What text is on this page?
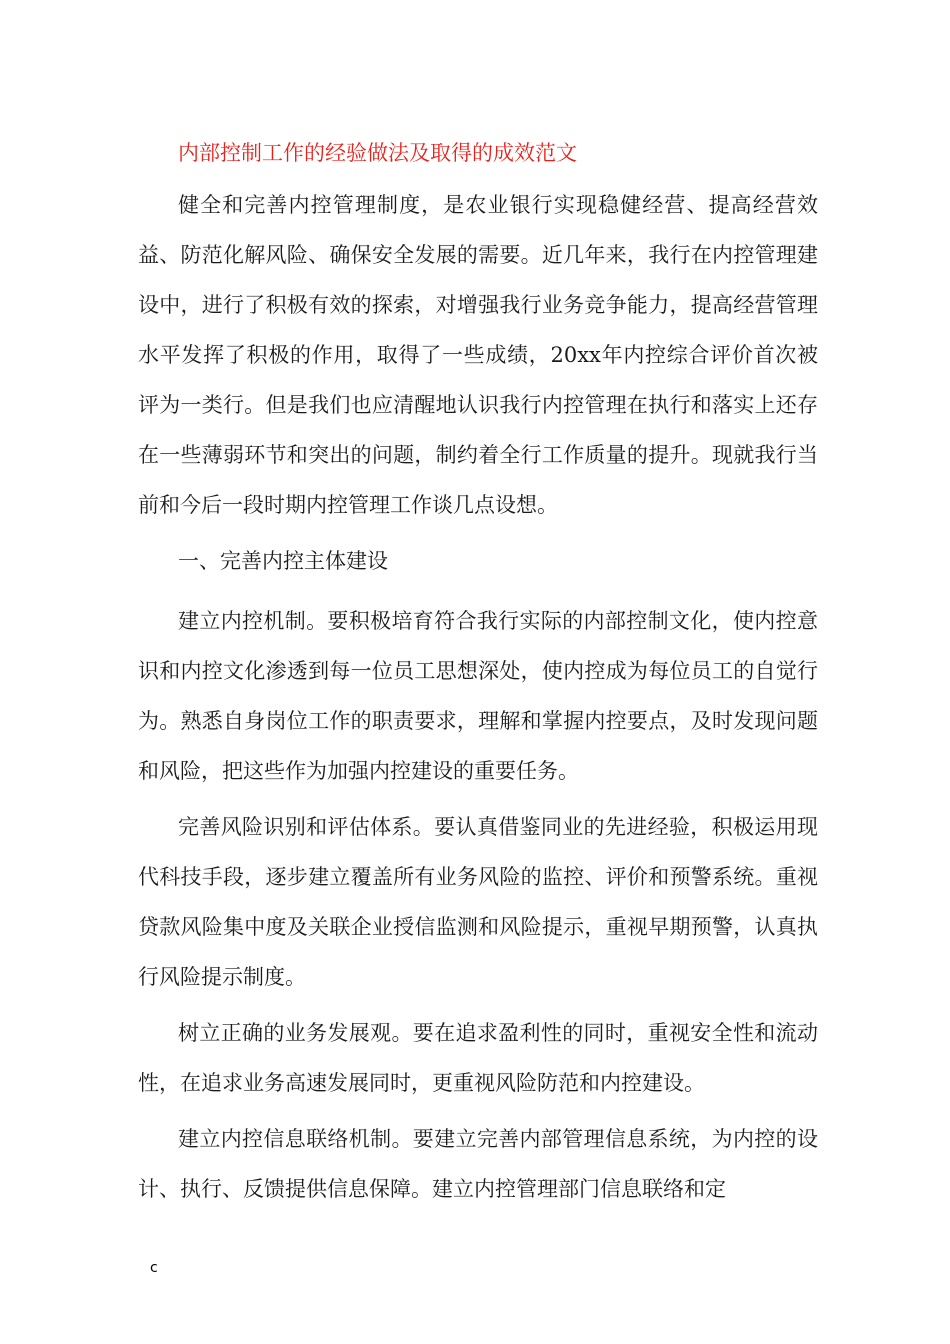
内部控制工作的经验做法及取得的成效范文

健全和完善内控管理制度，是农业银行实现稳健经营、提高经营效益、防范化解风险、确保安全发展的需要。近几年来，我行在内控管理建设中，进行了积极有效的探索，对增强我行业务竞争能力，提高经营管理水平发挥了积极的作用，取得了一些成绩，20xx年内控综合评价首次被评为一类行。但是我们也应清醒地认识我行内控管理在执行和落实上还存在一些薄弱环节和突出的问题，制约着全行工作质量的提升。现就我行当前和今后一段时期内控管理工作谈几点设想。

一、完善内控主体建设

建立内控机制。要积极培育符合我行实际的内部控制文化，使内控意识和内控文化渗透到每一位员工思想深处，使内控成为每位员工的自觉行为。熟悉自身岗位工作的职责要求，理解和掌握内控要点，及时发现问题和风险，把这些作为加强内控建设的重要任务。

完善风险识别和评估体系。要认真借鉴同业的先进经验，积极运用现代科技手段，逐步建立覆盖所有业务风险的监控、评价和预警系统。重视贷款风险集中度及关联企业授信监测和风险提示，重视早期预警，认真执行风险提示制度。

树立正确的业务发展观。要在追求盈利性的同时，重视安全性和流动性，在追求业务高速发展同时，更重视风险防范和内控建设。

建立内控信息联络机制。要建立完善内部管理信息系统，为内控的设计、执行、反馈提供信息保障。建立内控管理部门信息联络和定

c
